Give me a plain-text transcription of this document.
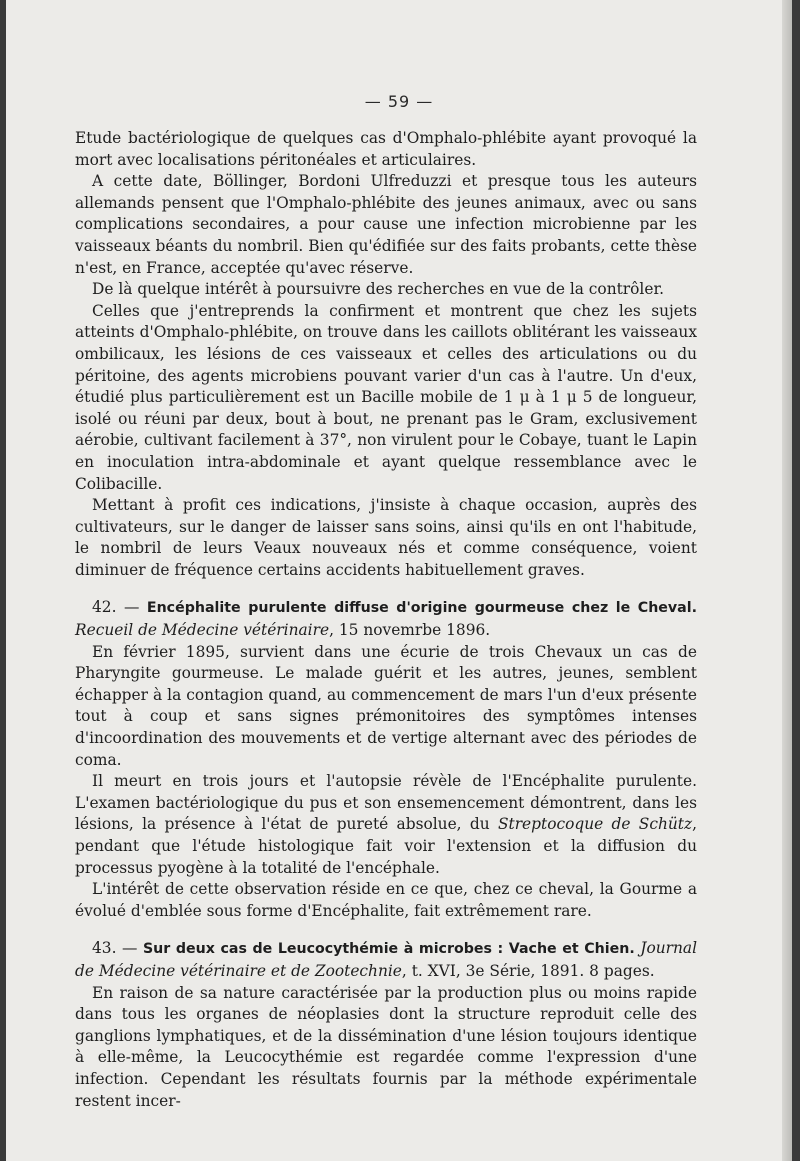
— 59 —

Etude bactériologique de quelques cas d'Omphalo-phlébite ayant provoqué la mort avec localisations péritonéales et articulaires.

A cette date, Böllinger, Bordoni Ulfreduzzi et presque tous les auteurs allemands pensent que l'Omphalo-phlébite des jeunes animaux, avec ou sans complications secondaires, a pour cause une infection microbienne par les vaisseaux béants du nombril. Bien qu'édifiée sur des faits probants, cette thèse n'est, en France, acceptée qu'avec réserve.

De là quelque intérêt à poursuivre des recherches en vue de la contrôler.

Celles que j'entreprends la confirment et montrent que chez les sujets atteints d'Omphalo-phlébite, on trouve dans les caillots oblitérant les vaisseaux ombilicaux, les lésions de ces vaisseaux et celles des articulations ou du péritoine, des agents microbiens pouvant varier d'un cas à l'autre. Un d'eux, étudié plus particulièrement est un Bacille mobile de 1 μ à 1 μ 5 de longueur, isolé ou réuni par deux, bout à bout, ne prenant pas le Gram, exclusivement aérobie, cultivant facilement à 37°, non virulent pour le Cobaye, tuant le Lapin en inoculation intra-abdominale et ayant quelque ressemblance avec le Colibacille.

Mettant à profit ces indications, j'insiste à chaque occasion, auprès des cultivateurs, sur le danger de laisser sans soins, ainsi qu'ils en ont l'habitude, le nombril de leurs Veaux nouveaux nés et comme conséquence, voient diminuer de fréquence certains accidents habituellement graves.

42. — Encéphalite purulente diffuse d'origine gourmeuse chez le Cheval. Recueil de Médecine vétérinaire, 15 novemrbe 1896.

En février 1895, survient dans une écurie de trois Chevaux un cas de Pharyngite gourmeuse. Le malade guérit et les autres, jeunes, semblent échapper à la contagion quand, au commencement de mars l'un d'eux présente tout à coup et sans signes prémonitoires des symptômes intenses d'incoordination des mouvements et de vertige alternant avec des périodes de coma.

Il meurt en trois jours et l'autopsie révèle de l'Encéphalite purulente. L'examen bactériologique du pus et son ensemencement démontrent, dans les lésions, la présence à l'état de pureté absolue, du Streptocoque de Schütz, pendant que l'étude histologique fait voir l'extension et la diffusion du processus pyogène à la totalité de l'encéphale.

L'intérêt de cette observation réside en ce que, chez ce cheval, la Gourme a évolué d'emblée sous forme d'Encéphalite, fait extrêmement rare.

43. — Sur deux cas de Leucocythémie à microbes : Vache et Chien. Journal de Médecine vétérinaire et de Zootechnie, t. XVI, 3e Série, 1891. 8 pages.

En raison de sa nature caractérisée par la production plus ou moins rapide dans tous les organes de néoplasies dont la structure reproduit celle des ganglions lymphatiques, et de la dissémination d'une lésion toujours identique à elle-même, la Leucocythémie est regardée comme l'expression d'une infection. Cependant les résultats fournis par la méthode expérimentale restent incer-
